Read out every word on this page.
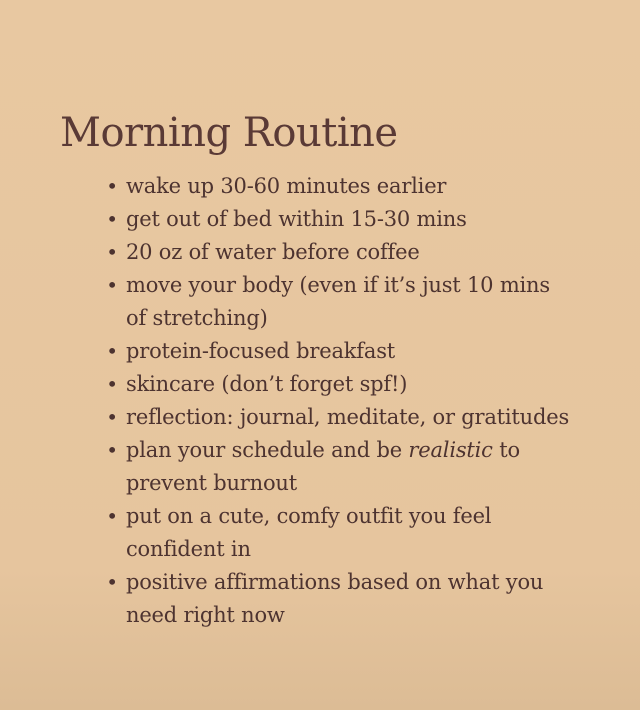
Morning Routine
• wake up 30-60 minutes earlier
• get out of bed within 15-30 mins
• 20 oz of water before coffee
• move your body (even if it’s just 10 mins of stretching)
• protein-focused breakfast
• skincare (don’t forget spf!)
• reflection: journal, meditate, or gratitudes
• plan your schedule and be realistic to prevent burnout
• put on a cute, comfy outfit you feel confident in
• positive affirmations based on what you need right now
